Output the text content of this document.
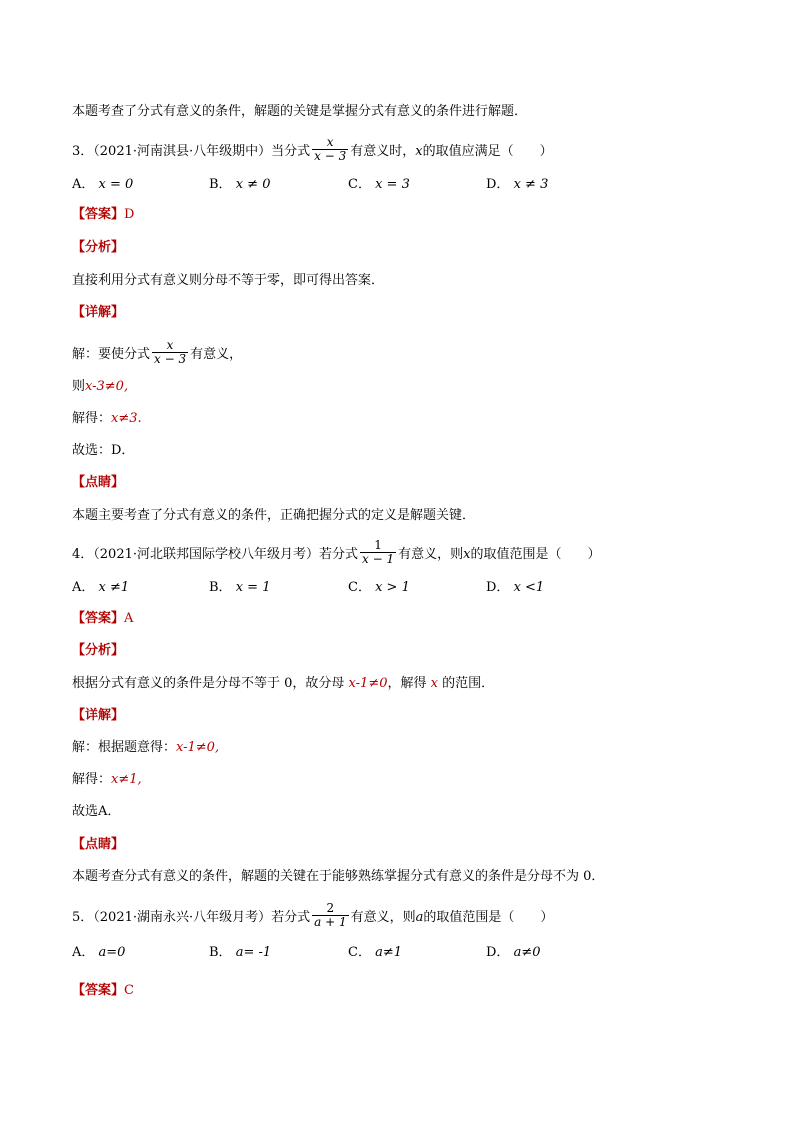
本题考查了分式有意义的条件，解题的关键是掌握分式有意义的条件进行解题．
3．（2021·河南淇县·八年级期中）当分式 $\frac{x}{x - 3}$ 有意义时，x的取值应满足（　　）
A． x = 0	B． x ≠ 0	C． x = 3	D． x ≠ 3
【答案】D
【分析】
直接利用分式有意义则分母不等于零，即可得出答案．
【详解】
解：要使分式 $\frac{x}{x - 3}$ 有意义，
则x-3≠0,
解得：x≠3.
故选：D．
【点睛】
本题主要考查了分式有意义的条件，正确把握分式的定义是解题关键．
4．（2021·河北联邦国际学校八年级月考）若分式 $\frac{1}{x - 1}$ 有意义，则x的取值范围是（　　）
A． x ≠1	B． x = 1	C． x > 1	D． x <1
【答案】A
【分析】
根据分式有意义的条件是分母不等于 0，故分母 x-1≠0，解得 x 的范围．
【详解】
解：根据题意得：x-1≠0,
解得：x≠1,
故选A．
【点睛】
本题考查分式有意义的条件，解题的关键在于能够熟练掌握分式有意义的条件是分母不为 0．
5．（2021·湖南永兴·八年级月考）若分式 $\frac{2}{a + 1}$ 有意义，则a的取值范围是（　　）
A． a=0	B． a= -1	C． a≠1	D． a≠0
【答案】C
